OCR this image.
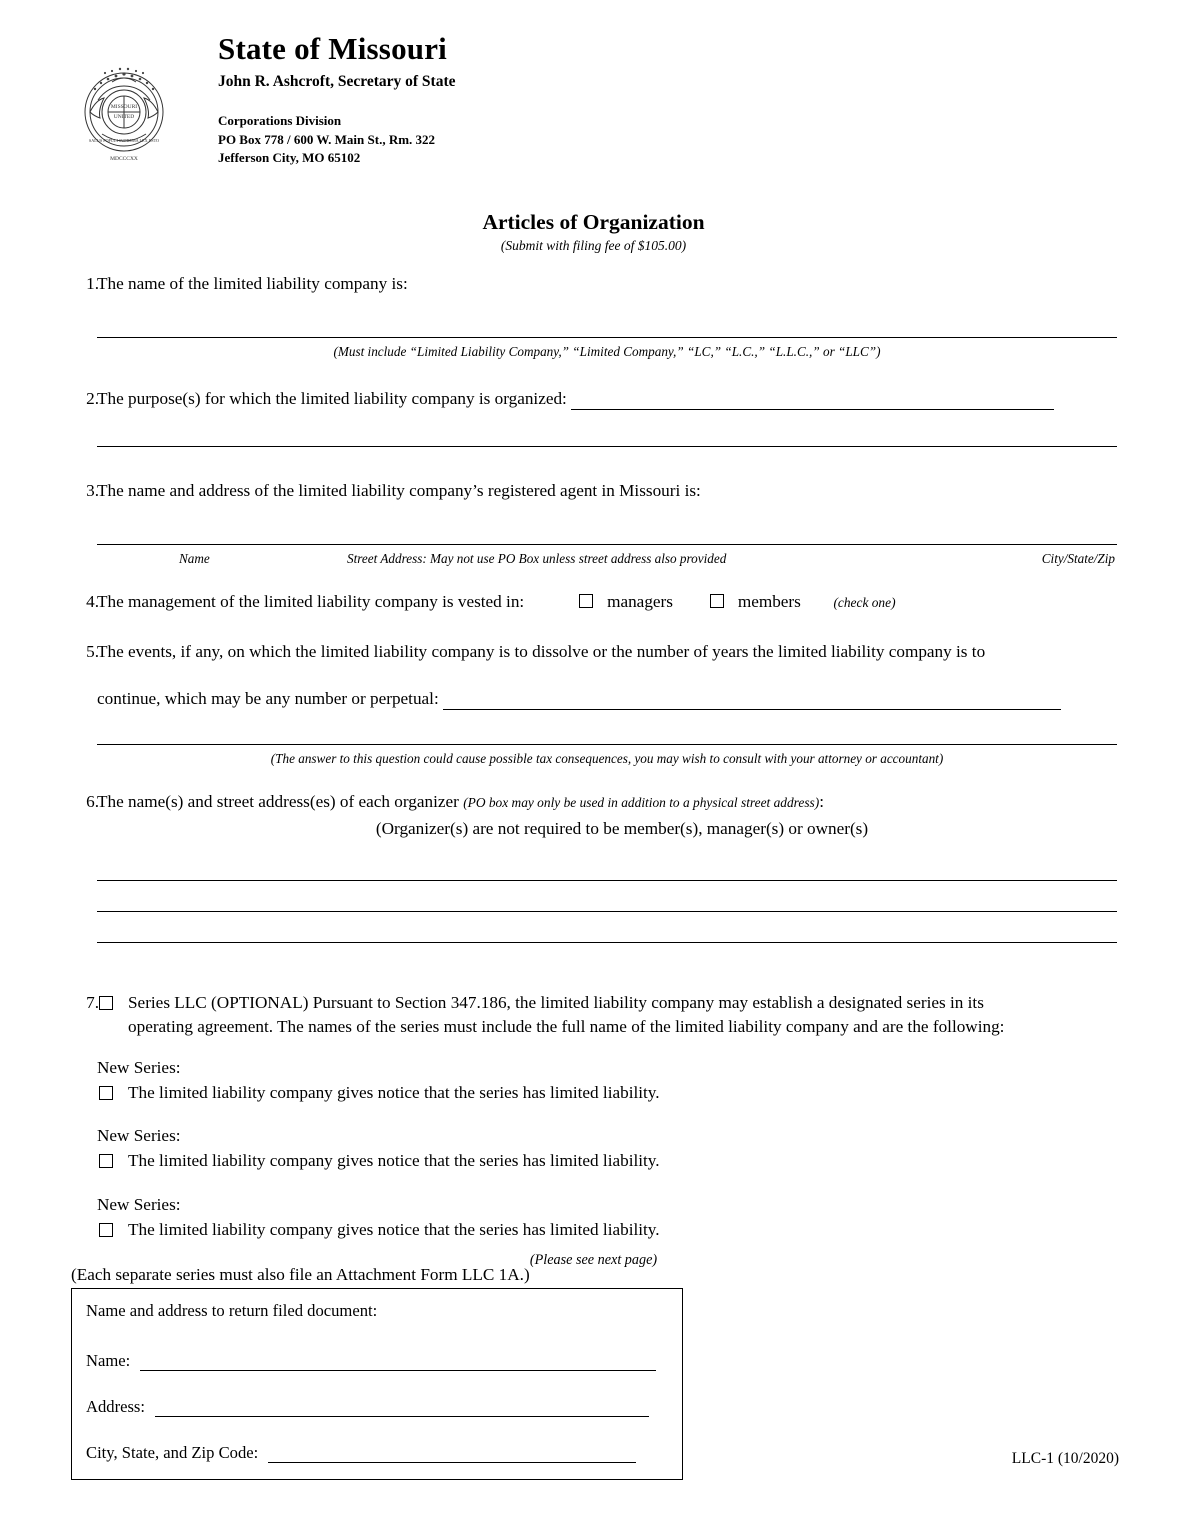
MISSOURI
UNITED
MDCCCXX
SALUS POPULI SUPREMA LEX ESTO
State of Missouri
John R. Ashcroft, Secretary of State
Corporations Division
PO Box 778 / 600 W. Main St., Rm. 322
Jefferson City, MO 65102
Articles of Organization
(Submit with filing fee of $105.00)
1.
The name of the limited liability company is:
(Must include “Limited Liability Company,” “Limited Company,” “LC,” “L.C.,” “L.L.C.,” or “LLC”)
2.
The purpose(s) for which the limited liability company is organized:
3.
The name and address of the limited liability company’s registered agent in Missouri is:
Name	Street Address: May not use PO Box unless street address also provided	City/State/Zip
4.
The management of the limited liability company is vested in:	managers	members (check one)
5.
The events, if any, on which the limited liability company is to dissolve or the number of years the limited liability company is to
continue, which may be any number or perpetual:
(The answer to this question could cause possible tax consequences, you may wish to consult with your attorney or accountant)
6.
The name(s) and street address(es) of each organizer (PO box may only be used in addition to a physical street address):
(Organizer(s) are not required to be member(s), manager(s) or owner(s)
7. Series LLC (OPTIONAL) Pursuant to Section 347.186, the limited liability company may establish a designated series in its
operating agreement. The names of the series must include the full name of the limited liability company and are the following:
New Series:
The limited liability company gives notice that the series has limited liability.
New Series:
The limited liability company gives notice that the series has limited liability.
New Series:
The limited liability company gives notice that the series has limited liability.
(Each separate series must also file an Attachment Form LLC 1A.)
(Please see next page)
Name and address to return filed document:
Name:
Address:
City, State, and Zip Code:	LLC-1 (10/2020)
